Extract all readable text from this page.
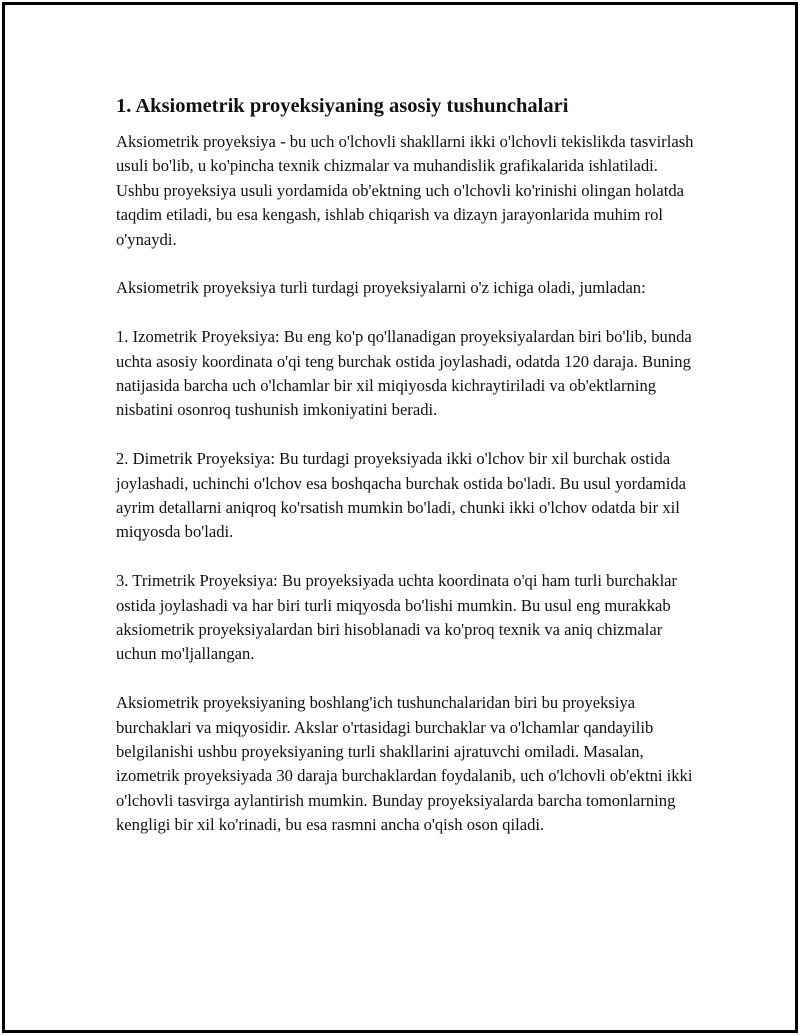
1. Aksiometrik proyeksiyaning asosiy tushunchalari

Aksiometrik proyeksiya - bu uch o'lchovli shakllarni ikki o'lchovli tekislikda tasvirlash usuli bo'lib, u ko'pincha texnik chizmalar va muhandislik grafikalarida ishlatiladi. Ushbu proyeksiya usuli yordamida ob'ektning uch o'lchovli ko'rinishi olingan holatda taqdim etiladi, bu esa kengash, ishlab chiqarish va dizayn jarayonlarida muhim rol o'ynaydi.

Aksiometrik proyeksiya turli turdagi proyeksiyalarni o'z ichiga oladi, jumladan:

1. Izometrik Proyeksiya: Bu eng ko'p qo'llanadigan proyeksiyalardan biri bo'lib, bunda uchta asosiy koordinata o'qi teng burchak ostida joylashadi, odatda 120 daraja. Buning natijasida barcha uch o'lchamlar bir xil miqiyosda kichraytiriladi va ob'ektlarning nisbatini osonroq tushunish imkoniyatini beradi.

2. Dimetrik Proyeksiya: Bu turdagi proyeksiyada ikki o'lchov bir xil burchak ostida joylashadi, uchinchi o'lchov esa boshqacha burchak ostida bo'ladi. Bu usul yordamida ayrim detallarni aniqroq ko'rsatish mumkin bo'ladi, chunki ikki o'lchov odatda bir xil miqyosda bo'ladi.

3. Trimetrik Proyeksiya: Bu proyeksiyada uchta koordinata o'qi ham turli burchaklar ostida joylashadi va har biri turli miqyosda bo'lishi mumkin. Bu usul eng murakkab aksiometrik proyeksiyalardan biri hisoblanadi va ko'proq texnik va aniq chizmalar uchun mo'ljallangan.

Aksiometrik proyeksiyaning boshlang'ich tushunchalaridan biri bu proyeksiya burchaklari va miqyosidir. Akslar o'rtasidagi burchaklar va o'lchamlar qandayilib belgilanishi ushbu proyeksiyaning turli shakllarini ajratuvchi omiladi. Masalan, izometrik proyeksiyada 30 daraja burchaklardan foydalanib, uch o'lchovli ob'ektni ikki o'lchovli tasvirga aylantirish mumkin. Bunday proyeksiyalarda barcha tomonlarning kengligi bir xil ko'rinadi, bu esa rasmni ancha o'qish oson qiladi.
